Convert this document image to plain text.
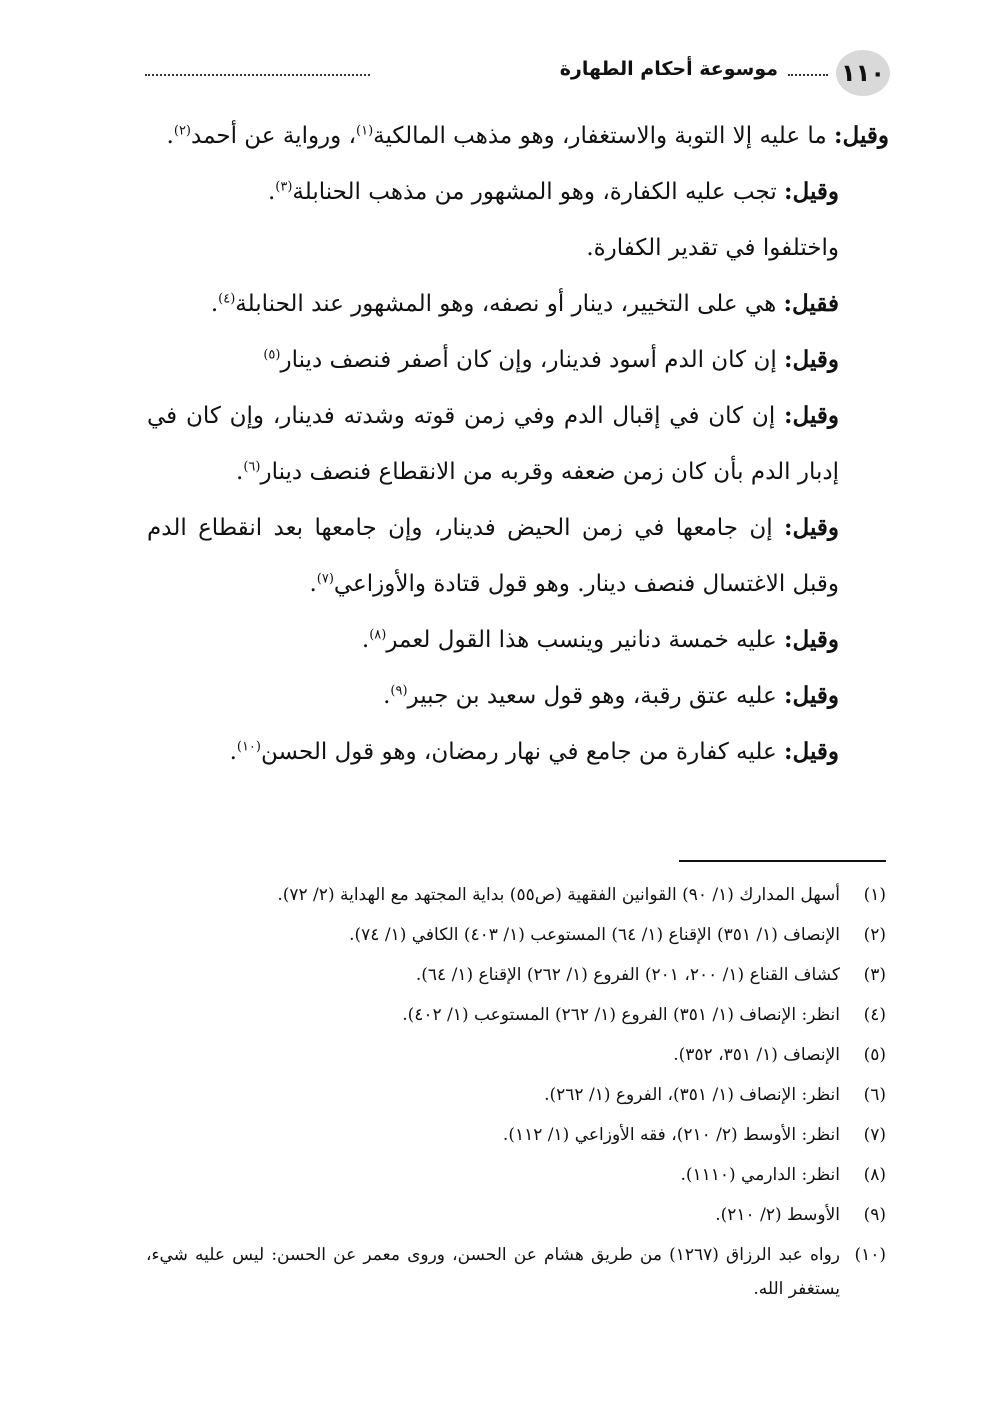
١١٠
موسوعة أحكام الطهارة

وقيل: ما عليه إلا التوبة والاستغفار، وهو مذهب المالكية$^{(١)}$، ورواية عن أحمد$^{(٢)}$.

وقيل: تجب عليه الكفارة، وهو المشهور من مذهب الحنابلة$^{(٣)}$.

واختلفوا في تقدير الكفارة.

فقيل: هي على التخيير، دينار أو نصفه، وهو المشهور عند الحنابلة$^{(٤)}$.

وقيل: إن كان الدم أسود فدينار، وإن كان أصفر فنصف دينار$^{(٥)}$

وقيل: إن كان في إقبال الدم وفي زمن قوته وشدته فدينار، وإن كان في إدبار الدم بأن كان زمن ضعفه وقربه من الانقطاع فنصف دينار$^{(٦)}$.

وقيل: إن جامعها في زمن الحيض فدينار، وإن جامعها بعد انقطاع الدم وقبل الاغتسال فنصف دينار. وهو قول قتادة والأوزاعي$^{(٧)}$.

وقيل: عليه خمسة دنانير وينسب هذا القول لعمر$^{(٨)}$.

وقيل: عليه عتق رقبة، وهو قول سعيد بن جبير$^{(٩)}$.

وقيل: عليه كفارة من جامع في نهار رمضان، وهو قول الحسن$^{(١٠)}$.

(١)
أسهل المدارك (١/ ٩٠) القوانين الفقهية (ص٥٥) بداية المجتهد مع الهداية (٢/ ٧٢).
(٢)
الإنصاف (١/ ٣٥١) الإقناع (١/ ٦٤) المستوعب (١/ ٤٠٣) الكافي (١/ ٧٤).
(٣)
كشاف القناع (١/ ٢٠٠، ٢٠١) الفروع (١/ ٢٦٢) الإقناع (١/ ٦٤).
(٤)
انظر: الإنصاف (١/ ٣٥١) الفروع (١/ ٢٦٢) المستوعب (١/ ٤٠٢).
(٥)
الإنصاف (١/ ٣٥١، ٣٥٢).
(٦)
انظر: الإنصاف (١/ ٣٥١)، الفروع (١/ ٢٦٢).
(٧)
انظر: الأوسط (٢/ ٢١٠)، فقه الأوزاعي (١/ ١١٢).
(٨)
انظر: الدارمي (١١١٠).
(٩)
الأوسط (٢/ ٢١٠).
(١٠)
رواه عبد الرزاق (١٢٦٧) من طريق هشام عن الحسن، وروى معمر عن الحسن: ليس عليه شيء، يستغفر الله.
